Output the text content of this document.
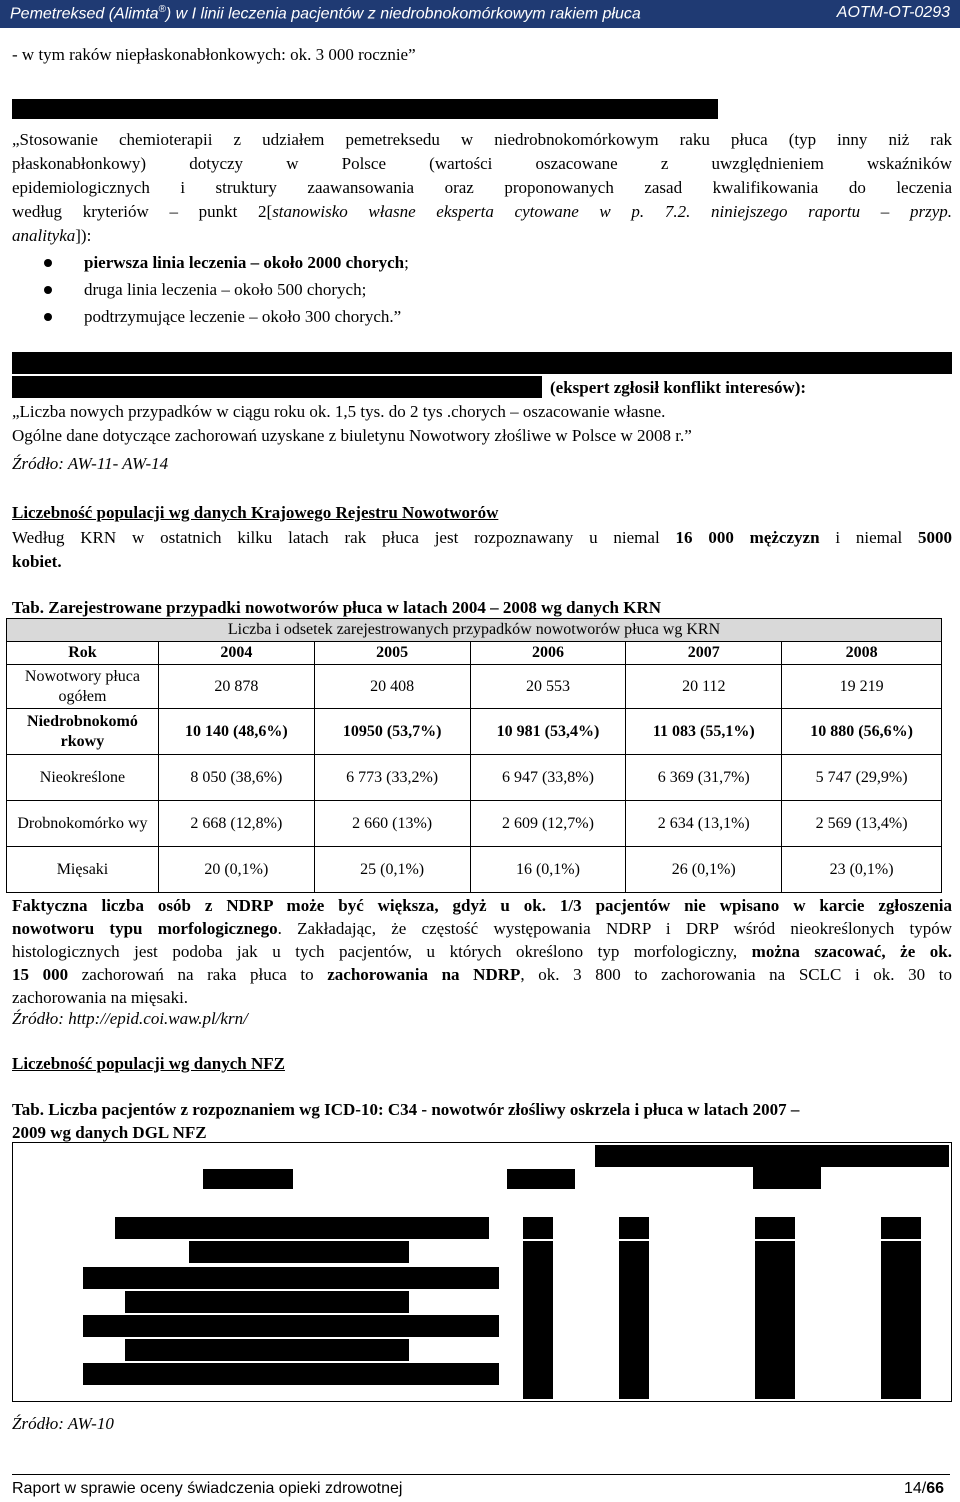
Pemetreksed (Alimta®) w I linii leczenia pacjentów z niedrobnokomórkowym rakiem płuca	AOTM-OT-0293
- w tym raków niepłaskonabłonkowych: ok. 3 000 rocznie”
„Stosowanie chemioterapii z udziałem pemetreksedu w niedrobnokomórkowym raku płuca (typ inny niż rak
płaskonabłonkowy) dotyczy w Polsce (wartości oszacowane z uwzględnieniem wskaźników
epidemiologicznych i struktury zaawansowania oraz proponowanych zasad kwalifikowania do leczenia
według kryteriów – punkt 2[stanowisko własne eksperta cytowane w p. 7.2. niniejszego raportu – przyp.
analityka]):
pierwsza linia leczenia – około 2000 chorych;
druga linia leczenia – około 500 chorych;
podtrzymujące leczenie – około 300 chorych.”
(ekspert zgłosił konflikt interesów):
„Liczba nowych przypadków w ciągu roku ok. 1,5 tys. do 2 tys .chorych – oszacowanie własne.
Ogólne dane dotyczące zachorowań uzyskane z biuletynu Nowotwory złośliwe w Polsce w 2008 r.”
Źródło: AW-11- AW-14
Liczebność populacji wg danych Krajowego Rejestru Nowotworów
Według KRN w ostatnich kilku latach rak płuca jest rozpoznawany u niemal 16 000 mężczyzn i niemal 5000
kobiet.
Tab. Zarejestrowane przypadki nowotworów płuca w latach 2004 – 2008 wg danych KRN
Liczba i odsetek zarejestrowanych przypadków nowotworów płuca wg KRN					
Rok	2004	2005	2006	2007	2008
Nowotwory płuca ogółem	20 878	20 408	20 553	20 112	19 219
Niedrobnokomó rkowy	10 140 (48,6%)	10950 (53,7%)	10 981 (53,4%)	11 083 (55,1%)	10 880 (56,6%)
Nieokreślone	8 050 (38,6%)	6 773 (33,2%)	6 947 (33,8%)	6 369 (31,7%)	5 747 (29,9%)
Drobnokomórko wy	2 668 (12,8%)	2 660 (13%)	2 609 (12,7%)	2 634 (13,1%)	2 569 (13,4%)
Mięsaki	20 (0,1%)	25 (0,1%)	16 (0,1%)	26 (0,1%)	23 (0,1%)
Faktyczna liczba osób z NDRP może być większa, gdyż u ok. 1/3 pacjentów nie wpisano w karcie zgłoszenia
nowotworu typu morfologicznego. Zakładając, że częstość występowania NDRP i DRP wśród nieokreślonych typów
histologicznych jest podoba jak u tych pacjentów, u których określono typ morfologiczny, można szacować, że ok.
15 000 zachorowań na raka płuca to zachorowania na NDRP, ok. 3 800 to zachorowania na SCLC i ok. 30 to
zachorowania na mięsaki.
Źródło: http://epid.coi.waw.pl/krn/
Liczebność populacji wg danych NFZ
Tab. Liczba pacjentów z rozpoznaniem wg ICD-10: C34 - nowotwór złośliwy oskrzela i płuca w latach 2007 –
2009 wg danych DGL NFZ
Źródło: AW-10
Raport w sprawie oceny świadczenia opieki zdrowotnej	14/66
